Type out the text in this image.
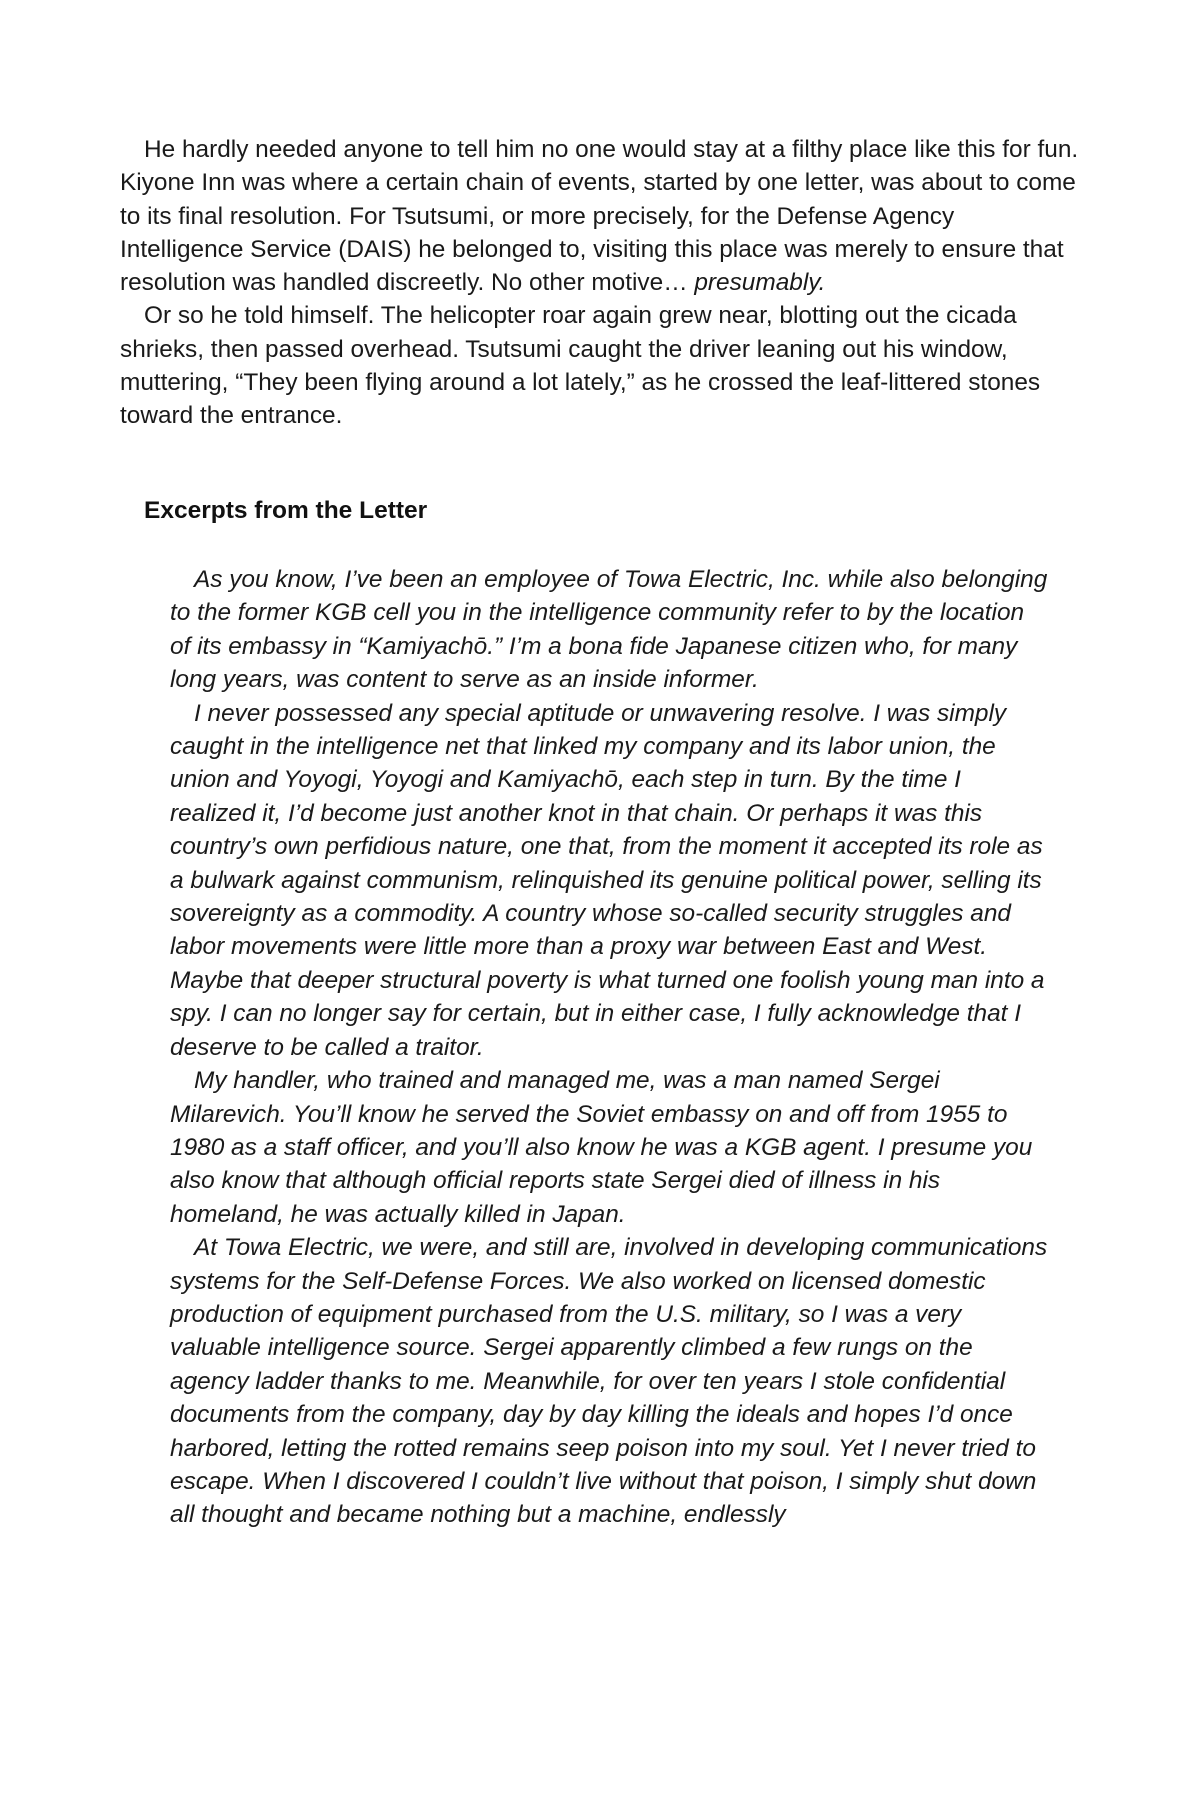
He hardly needed anyone to tell him no one would stay at a filthy place like this for fun. Kiyone Inn was where a certain chain of events, started by one letter, was about to come to its final resolution. For Tsutsumi, or more precisely, for the Defense Agency Intelligence Service (DAIS) he belonged to, visiting this place was merely to ensure that resolution was handled discreetly. No other motive… presumably.

Or so he told himself. The helicopter roar again grew near, blotting out the cicada shrieks, then passed overhead. Tsutsumi caught the driver leaning out his window, muttering, “They been flying around a lot lately,” as he crossed the leaf-littered stones toward the entrance.

Excerpts from the Letter

As you know, I’ve been an employee of Towa Electric, Inc. while also belonging to the former KGB cell you in the intelligence community refer to by the location of its embassy in “Kamiyachō.” I’m a bona fide Japanese citizen who, for many long years, was content to serve as an inside informer.

I never possessed any special aptitude or unwavering resolve. I was simply caught in the intelligence net that linked my company and its labor union, the union and Yoyogi, Yoyogi and Kamiyachō, each step in turn. By the time I realized it, I’d become just another knot in that chain. Or perhaps it was this country’s own perfidious nature, one that, from the moment it accepted its role as a bulwark against communism, relinquished its genuine political power, selling its sovereignty as a commodity. A country whose so-called security struggles and labor movements were little more than a proxy war between East and West. Maybe that deeper structural poverty is what turned one foolish young man into a spy. I can no longer say for certain, but in either case, I fully acknowledge that I deserve to be called a traitor.

My handler, who trained and managed me, was a man named Sergei Milarevich. You’ll know he served the Soviet embassy on and off from 1955 to 1980 as a staff officer, and you’ll also know he was a KGB agent. I presume you also know that although official reports state Sergei died of illness in his homeland, he was actually killed in Japan.

At Towa Electric, we were, and still are, involved in developing communications systems for the Self-Defense Forces. We also worked on licensed domestic production of equipment purchased from the U.S. military, so I was a very valuable intelligence source. Sergei apparently climbed a few rungs on the agency ladder thanks to me. Meanwhile, for over ten years I stole confidential documents from the company, day by day killing the ideals and hopes I’d once harbored, letting the rotted remains seep poison into my soul. Yet I never tried to escape. When I discovered I couldn’t live without that poison, I simply shut down all thought and became nothing but a machine, endlessly
